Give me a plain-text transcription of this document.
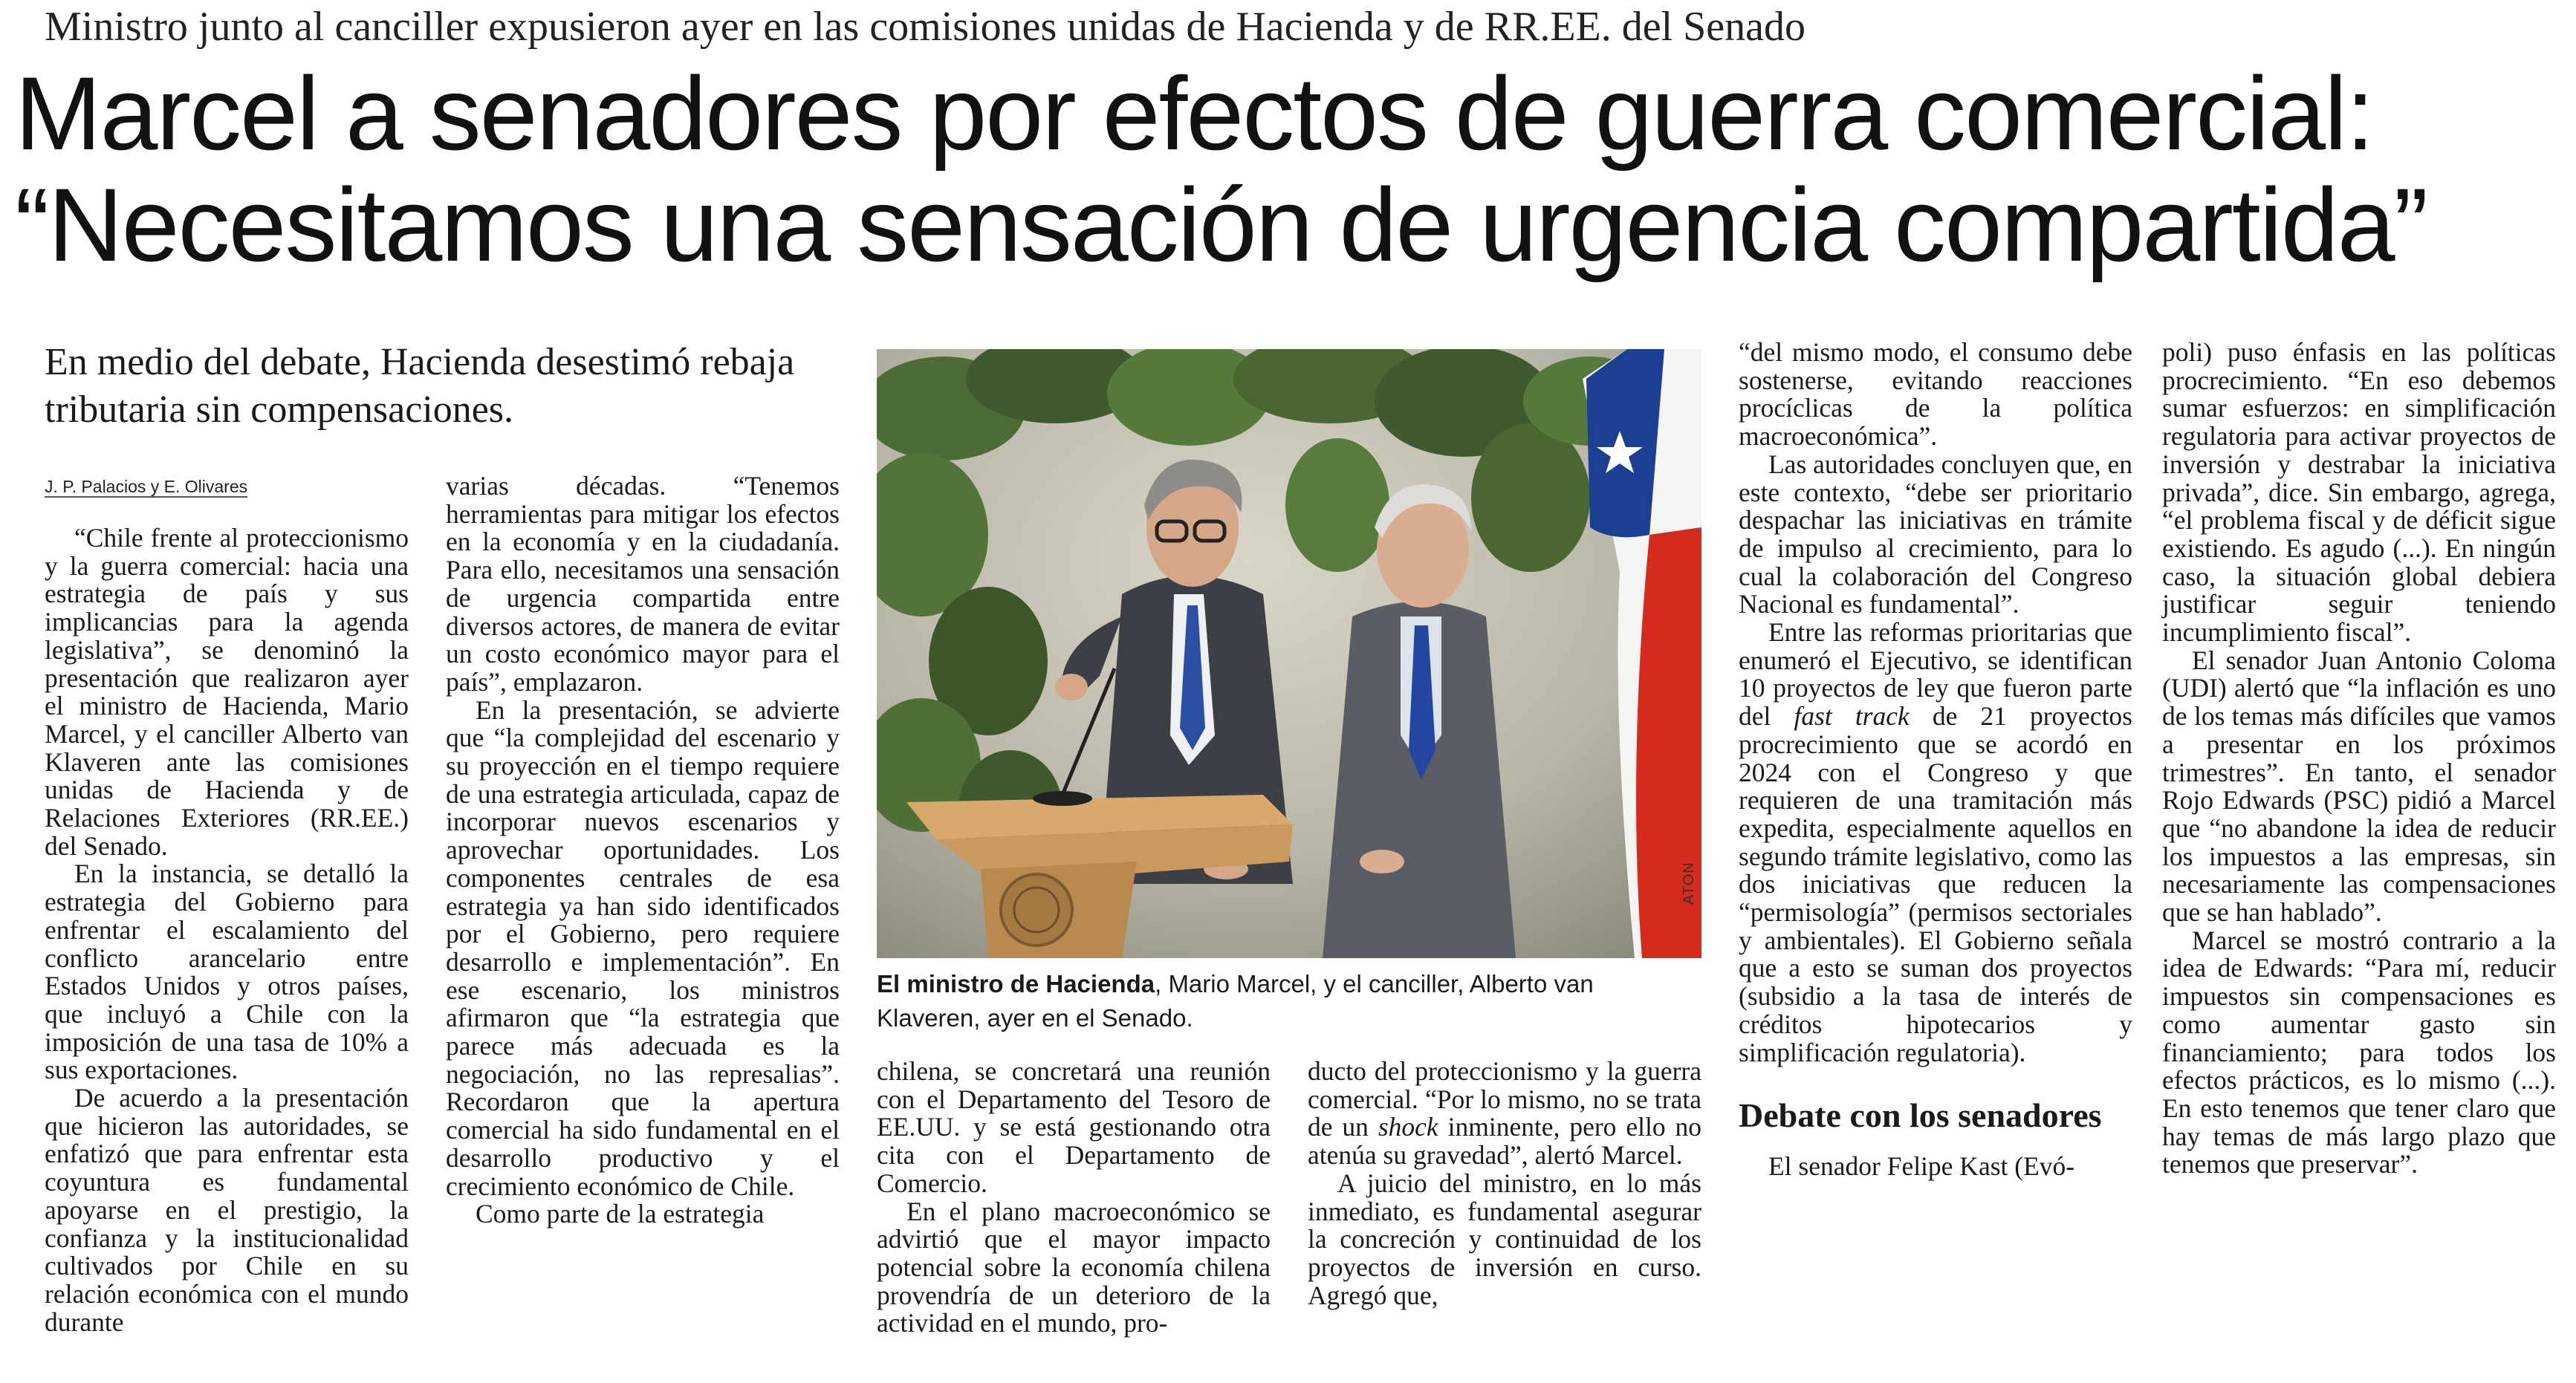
Ministro junto al canciller expusieron ayer en las comisiones unidas de Hacienda y de RR.EE. del Senado
Marcel a senadores por efectos de guerra comercial:
“Necesitamos una sensación de urgencia compartida”
En medio del debate, Hacienda desestimó rebaja tributaria sin compensaciones.
J. P. Palacios y E. Olivares

“Chile frente al proteccionismo y la guerra comercial: hacia una estrategia de país y sus implicancias para la agenda legislativa”, se denominó la presentación que realizaron ayer el ministro de Hacienda, Mario Marcel, y el canciller Alberto van Klaveren ante las comisiones unidas de Hacienda y de Relaciones Exteriores (RR.EE.) del Senado.

En la instancia, se detalló la estrategia del Gobierno para enfrentar el escalamiento del conflicto arancelario entre Estados Unidos y otros países, que incluyó a Chile con la imposición de una tasa de 10% a sus exportaciones.

De acuerdo a la presentación que hicieron las autoridades, se enfatizó que para enfrentar esta coyuntura es fundamental apoyarse en el prestigio, la confianza y la institucionalidad cultivados por Chile en su relación económica con el mundo durante

varias décadas. “Tenemos herramientas para mitigar los efectos en la economía y en la ciudadanía. Para ello, necesitamos una sensación de urgencia compartida entre diversos actores, de manera de evitar un costo económico mayor para el país”, emplazaron.

En la presentación, se advierte que “la complejidad del escenario y su proyección en el tiempo requiere de una estrategia articulada, capaz de incorporar nuevos escenarios y aprovechar oportunidades. Los componentes centrales de esa estrategia ya han sido identificados por el Gobierno, pero requiere desarrollo e implementación”. En ese escenario, los ministros afirmaron que “la estrategia que parece más adecuada es la negociación, no las represalias”. Recordaron que la apertura comercial ha sido fundamental en el desarrollo productivo y el crecimiento económico de Chile.

Como parte de la estrategia

ATON
El ministro de Hacienda, Mario Marcel, y el canciller, Alberto van Klaveren, ayer en el Senado.

chilena, se concretará una reunión con el Departamento del Tesoro de EE.UU. y se está gestionando otra cita con el Departamento de Comercio.

En el plano macroeconómico se advirtió que el mayor impacto potencial sobre la economía chilena provendría de un deterioro de la actividad en el mundo, pro-

ducto del proteccionismo y la guerra comercial. “Por lo mismo, no se trata de un shock inminente, pero ello no atenúa su gravedad”, alertó Marcel.

A juicio del ministro, en lo más inmediato, es fundamental asegurar la concreción y continuidad de los proyectos de inversión en curso. Agregó que,

“del mismo modo, el consumo debe sostenerse, evitando reacciones procíclicas de la política macroeconómica”.

Las autoridades concluyen que, en este contexto, “debe ser prioritario despachar las iniciativas en trámite de impulso al crecimiento, para lo cual la colaboración del Congreso Nacional es fundamental”.

Entre las reformas prioritarias que enumeró el Ejecutivo, se identifican 10 proyectos de ley que fueron parte del fast track de 21 proyectos procrecimiento que se acordó en 2024 con el Congreso y que requieren de una tramitación más expedita, especialmente aquellos en segundo trámite legislativo, como las dos iniciativas que reducen la “permisología” (permisos sectoriales y ambientales). El Gobierno señala que a esto se suman dos proyectos (subsidio a la tasa de interés de créditos hipotecarios y simplificación regulatoria).

Debate con los senadores

El senador Felipe Kast (Evó-

poli) puso énfasis en las políticas procrecimiento. “En eso debemos sumar esfuerzos: en simplificación regulatoria para activar proyectos de inversión y destrabar la iniciativa privada”, dice. Sin embargo, agrega, “el problema fiscal y de déficit sigue existiendo. Es agudo (...). En ningún caso, la situación global debiera justificar seguir teniendo incumplimiento fiscal”.

El senador Juan Antonio Coloma (UDI) alertó que “la inflación es uno de los temas más difíciles que vamos a presentar en los próximos trimestres”. En tanto, el senador Rojo Edwards (PSC) pidió a Marcel que “no abandone la idea de reducir los impuestos a las empresas, sin necesariamente las compensaciones que se han hablado”.

Marcel se mostró contrario a la idea de Edwards: “Para mí, reducir impuestos sin compensaciones es como aumentar gasto sin financiamiento; para todos los efectos prácticos, es lo mismo (...). En esto tenemos que tener claro que hay temas de más largo plazo que tenemos que preservar”.
